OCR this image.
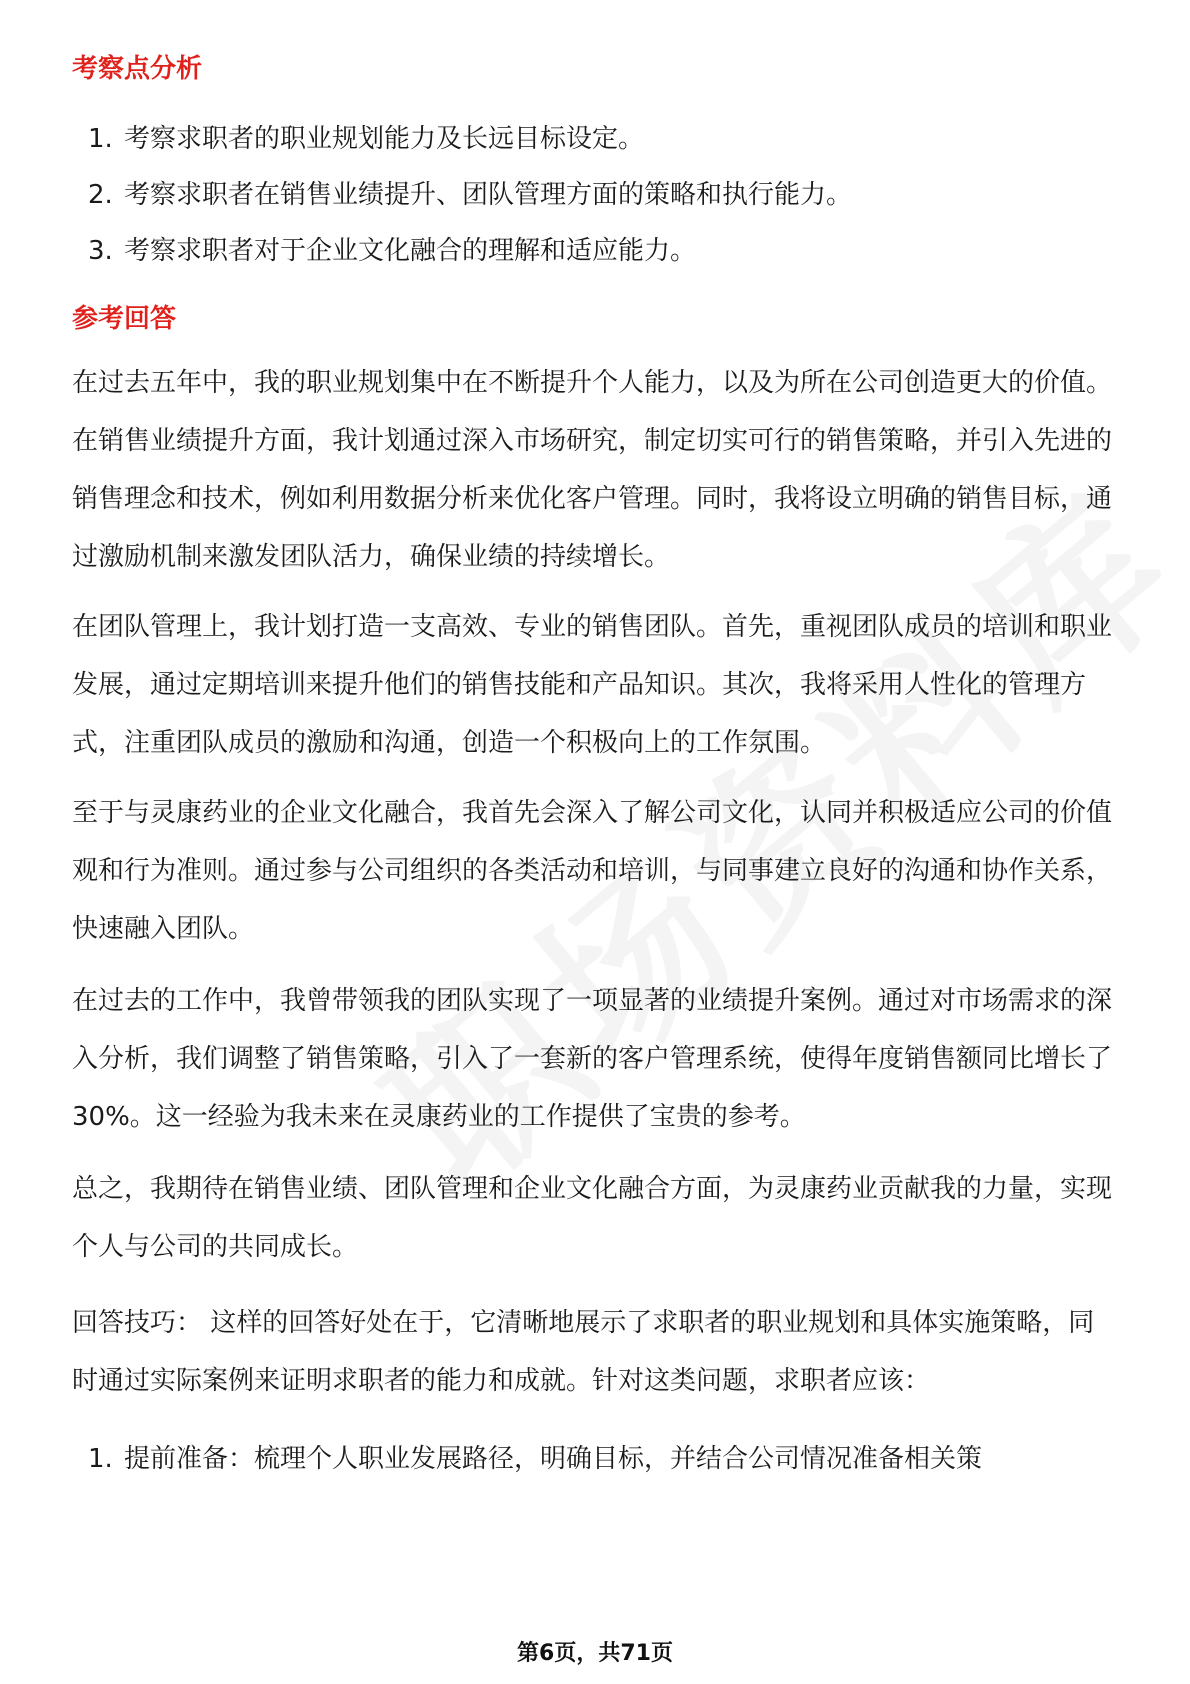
考察点分析
1. 考察求职者的职业规划能力及长远目标设定。
2. 考察求职者在销售业绩提升、团队管理方面的策略和执行能力。
3. 考察求职者对于企业文化融合的理解和适应能力。
参考回答
在过去五年中，我的职业规划集中在不断提升个人能力，以及为所在公司创造更大的价值。在销售业绩提升方面，我计划通过深入市场研究，制定切实可行的销售策略，并引入先进的销售理念和技术，例如利用数据分析来优化客户管理。同时，我将设立明确的销售目标，通过激励机制来激发团队活力，确保业绩的持续增长。
在团队管理上，我计划打造一支高效、专业的销售团队。首先，重视团队成员的培训和职业发展，通过定期培训来提升他们的销售技能和产品知识。其次，我将采用人性化的管理方式，注重团队成员的激励和沟通，创造一个积极向上的工作氛围。
至于与灵康药业的企业文化融合，我首先会深入了解公司文化，认同并积极适应公司的价值观和行为准则。通过参与公司组织的各类活动和培训，与同事建立良好的沟通和协作关系，快速融入团队。
在过去的工作中，我曾带领我的团队实现了一项显著的业绩提升案例。通过对市场需求的深入分析，我们调整了销售策略，引入了一套新的客户管理系统，使得年度销售额同比增长了30%。这一经验为我未来在灵康药业的工作提供了宝贵的参考。
总之，我期待在销售业绩、团队管理和企业文化融合方面，为灵康药业贡献我的力量，实现个人与公司的共同成长。
回答技巧： 这样的回答好处在于，它清晰地展示了求职者的职业规划和具体实施策略，同时通过实际案例来证明求职者的能力和成就。针对这类问题，求职者应该：
1. 提前准备：梳理个人职业发展路径，明确目标，并结合公司情况准备相关策
第6页，共71页
